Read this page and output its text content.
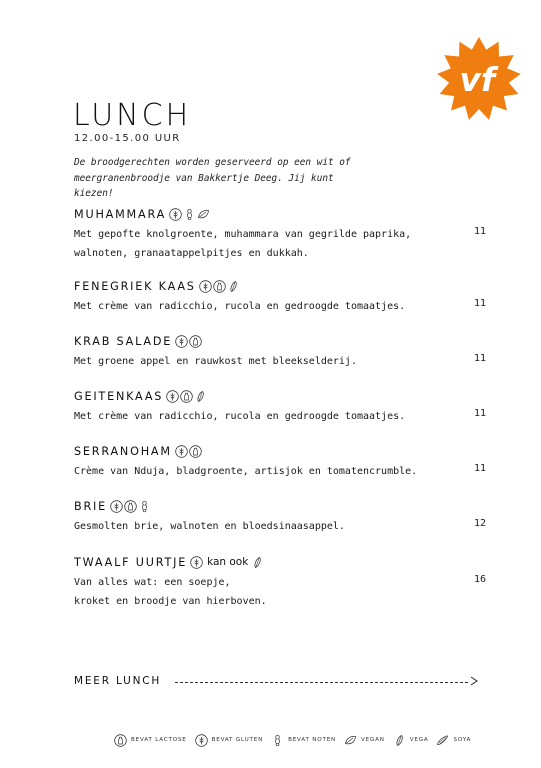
vf
LUNCH
12.00-15.00 UUR
De broodgerechten worden geserveerd op een wit of meergranenbroodje van Bakkertje Deeg. Jij kunt kiezen!
MUHAMMARA
Met gepofte knolgroente, muhammara van gegrilde paprika,
walnoten, granaatappelpitjes en dukkah.
11
FENEGRIEK KAAS
Met crème van radicchio, rucola en gedroogde tomaatjes.	11
KRAB SALADE
Met groene appel en rauwkost met bleekselderij.	11
GEITENKAAS
Met crème van radicchio, rucola en gedroogde tomaatjes.	11
SERRANOHAM
Crème van Nduja, bladgroente, artisjok en tomatencrumble.	11
BRIE
Gesmolten brie, walnoten en bloedsinaasappel.	12
TWAALF UURTJE kan ook
Van alles wat: een soepje,
kroket en broodje van hierboven.
16
MEER LUNCH
BEVAT LACTOSE	BEVAT GLUTEN	BEVAT NOTEN	VEGAN	VEGA	SOYA
